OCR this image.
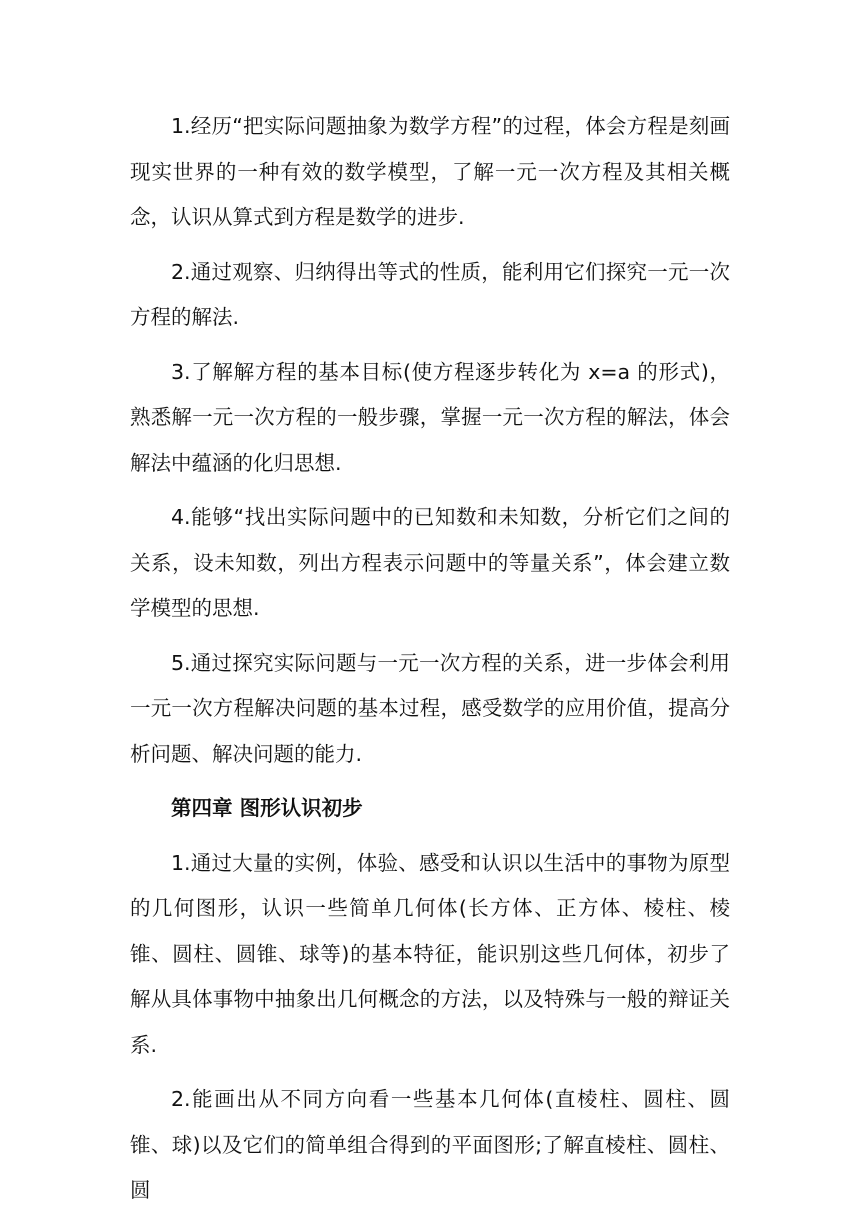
1.经历“把实际问题抽象为数学方程”的过程，体会方程是刻画现实世界的一种有效的数学模型，了解一元一次方程及其相关概念，认识从算式到方程是数学的进步.

2.通过观察、归纳得出等式的性质，能利用它们探究一元一次方程的解法.

3.了解解方程的基本目标(使方程逐步转化为 x=a 的形式)，熟悉解一元一次方程的一般步骤，掌握一元一次方程的解法，体会解法中蕴涵的化归思想.

4.能够“找出实际问题中的已知数和未知数，分析它们之间的关系，设未知数，列出方程表示问题中的等量关系”，体会建立数学模型的思想.

5.通过探究实际问题与一元一次方程的关系，进一步体会利用一元一次方程解决问题的基本过程，感受数学的应用价值，提高分析问题、解决问题的能力.

第四章 图形认识初步

1.通过大量的实例，体验、感受和认识以生活中的事物为原型的几何图形，认识一些简单几何体(长方体、正方体、棱柱、棱锥、圆柱、圆锥、球等)的基本特征，能识别这些几何体，初步了解从具体事物中抽象出几何概念的方法，以及特殊与一般的辩证关系.

2.能画出从不同方向看一些基本几何体(直棱柱、圆柱、圆锥、球)以及它们的简单组合得到的平面图形;了解直棱柱、圆柱、圆
